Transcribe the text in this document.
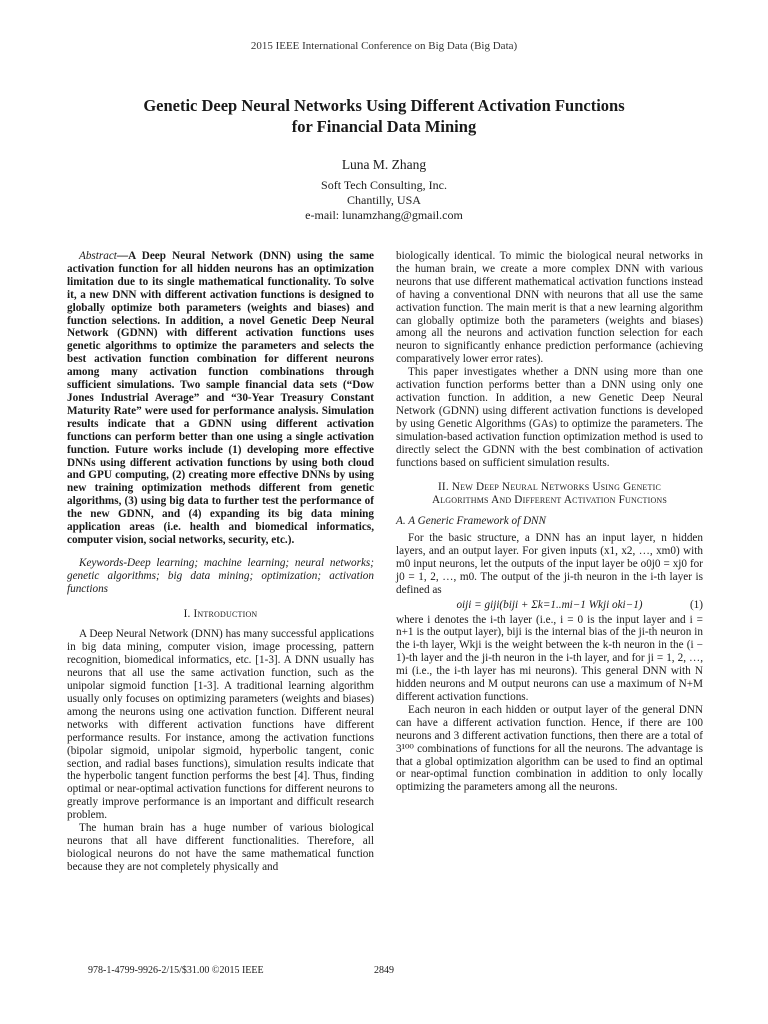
2015 IEEE International Conference on Big Data (Big Data)
Genetic Deep Neural Networks Using Different Activation Functions
for Financial Data Mining
Luna M. Zhang
Soft Tech Consulting, Inc.
Chantilly, USA
e-mail: lunamzhang@gmail.com

Abstract—A Deep Neural Network (DNN) using the same activation function for all hidden neurons has an optimization limitation due to its single mathematical functionality. To solve it, a new DNN with different activation functions is designed to globally optimize both parameters (weights and biases) and function selections. In addition, a novel Genetic Deep Neural Network (GDNN) with different activation functions uses genetic algorithms to optimize the parameters and selects the best activation function combination for different neurons among many activation function combinations through sufficient simulations. Two sample financial data sets (“Dow Jones Industrial Average” and “30-Year Treasury Constant Maturity Rate” were used for performance analysis. Simulation results indicate that a GDNN using different activation functions can perform better than one using a single activation function. Future works include (1) developing more effective DNNs using different activation functions by using both cloud and GPU computing, (2) creating more effective DNNs by using new training optimization methods different from genetic algorithms, (3) using big data to further test the performance of the new GDNN, and (4) expanding its big data mining application areas (i.e. health and biomedical informatics, computer vision, social networks, security, etc.).

Keywords-Deep learning; machine learning; neural networks; genetic algorithms; big data mining; optimization; activation functions

I. Introduction

A Deep Neural Network (DNN) has many successful applications in big data mining, computer vision, image processing, pattern recognition, biomedical informatics, etc. [1-3]. A DNN usually has neurons that all use the same activation function, such as the unipolar sigmoid function [1-3]. A traditional learning algorithm usually only focuses on optimizing parameters (weights and biases) among the neurons using one activation function. Different neural networks with different activation functions have different performance results. For instance, among the activation functions (bipolar sigmoid, unipolar sigmoid, hyperbolic tangent, conic section, and radial bases functions), simulation results indicate that the hyperbolic tangent function performs the best [4]. Thus, finding optimal or near-optimal activation functions for different neurons to greatly improve performance is an important and difficult research problem.

The human brain has a huge number of various biological neurons that all have different functionalities. Therefore, all biological neurons do not have the same mathematical function because they are not completely physically and

biologically identical. To mimic the biological neural networks in the human brain, we create a more complex DNN with various neurons that use different mathematical activation functions instead of having a conventional DNN with neurons that all use the same activation function. The main merit is that a new learning algorithm can globally optimize both the parameters (weights and biases) among all the neurons and activation function selection for each neuron to significantly enhance prediction performance (achieving comparatively lower error rates).

This paper investigates whether a DNN using more than one activation function performs better than a DNN using only one activation function. In addition, a new Genetic Deep Neural Network (GDNN) using different activation functions is developed by using Genetic Algorithms (GAs) to optimize the parameters. The simulation-based activation function optimization method is used to directly select the GDNN with the best combination of activation functions based on sufficient simulation results.

II. New Deep Neural Networks Using Genetic
Algorithms And Different Activation Functions
A. A Generic Framework of DNN

For the basic structure, a DNN has an input layer, n hidden layers, and an output layer. For given inputs (x1, x2, …, xm0) with m0 input neurons, let the outputs of the input layer be o0j0 = xj0 for j0 = 1, 2, …, m0. The output of the ji-th neuron in the i-th layer is defined as

oiji = giji(biji + Σk=1..mi−1 Wkji oki−1)	(1)

where i denotes the i-th layer (i.e., i = 0 is the input layer and i = n+1 is the output layer), biji is the internal bias of the ji-th neuron in the i-th layer, Wkji is the weight between the k-th neuron in the (i − 1)-th layer and the ji-th neuron in the i-th layer, and for ji = 1, 2, …, mi (i.e., the i-th layer has mi neurons). This general DNN with N hidden neurons and M output neurons can use a maximum of N+M different activation functions.

Each neuron in each hidden or output layer of the general DNN can have a different activation function. Hence, if there are 100 neurons and 3 different activation functions, then there are a total of 3¹⁰⁰ combinations of functions for all the neurons. The advantage is that a global optimization algorithm can be used to find an optimal or near-optimal function combination in addition to only locally optimizing the parameters among all the neurons.

978-1-4799-9926-2/15/$31.00 ©2015 IEEE	2849
